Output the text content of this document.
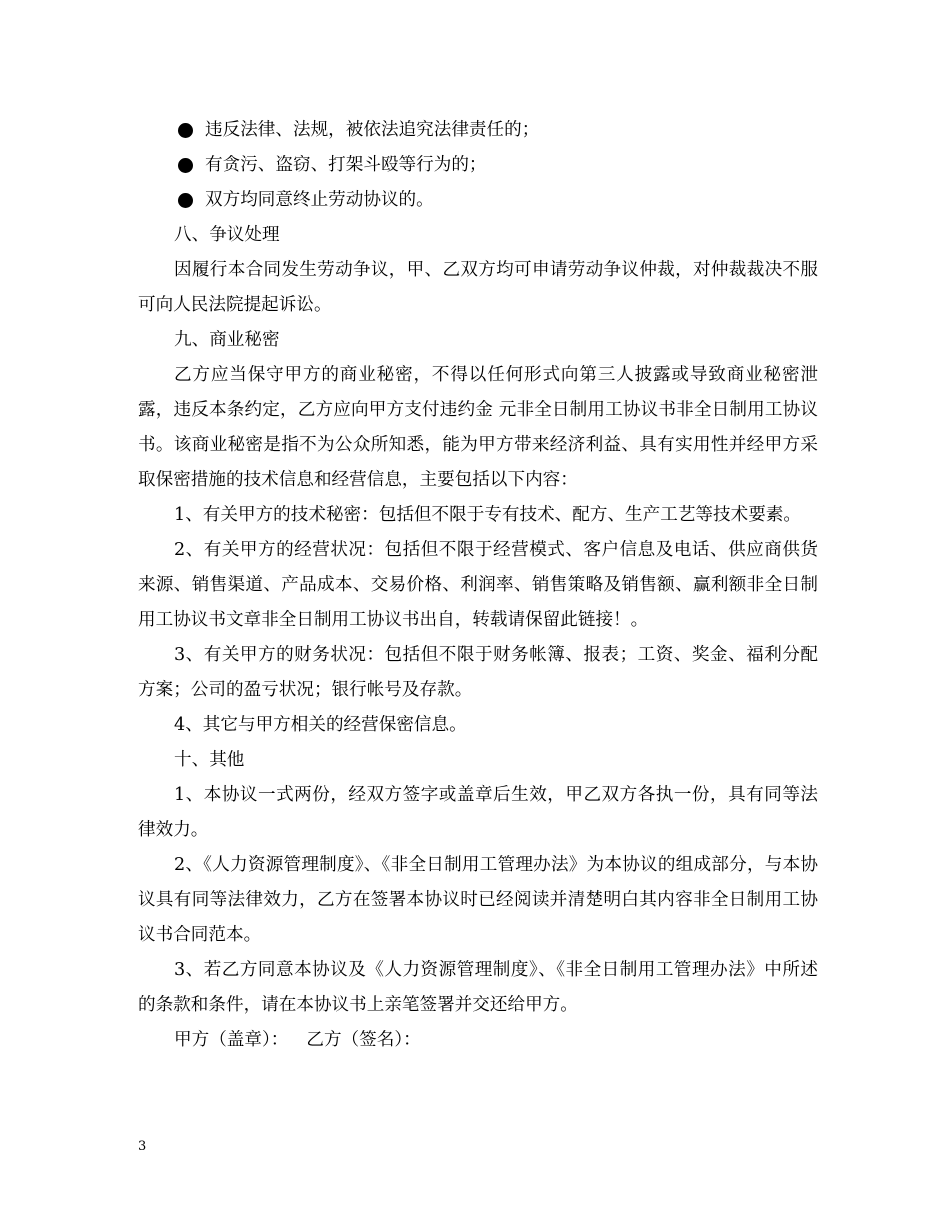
违反法律、法规，被依法追究法律责任的；

有贪污、盗窃、打架斗殴等行为的；

双方均同意终止劳动协议的。

八、争议处理

因履行本合同发生劳动争议，甲、乙双方均可申请劳动争议仲裁，对仲裁裁决不服可向人民法院提起诉讼。

九、商业秘密

乙方应当保守甲方的商业秘密，不得以任何形式向第三人披露或导致商业秘密泄露，违反本条约定，乙方应向甲方支付违约金 元非全日制用工协议书非全日制用工协议书。该商业秘密是指不为公众所知悉，能为甲方带来经济利益、具有实用性并经甲方采取保密措施的技术信息和经营信息，主要包括以下内容：

1、有关甲方的技术秘密：包括但不限于专有技术、配方、生产工艺等技术要素。

2、有关甲方的经营状况：包括但不限于经营模式、客户信息及电话、供应商供货来源、销售渠道、产品成本、交易价格、利润率、销售策略及销售额、赢利额非全日制用工协议书文章非全日制用工协议书出自，转载请保留此链接！。

3、有关甲方的财务状况：包括但不限于财务帐簿、报表；工资、奖金、福利分配方案；公司的盈亏状况；银行帐号及存款。

4、其它与甲方相关的经营保密信息。

十、其他

1、本协议一式两份，经双方签字或盖章后生效，甲乙双方各执一份，具有同等法律效力。

2、《人力资源管理制度》、《非全日制用工管理办法》为本协议的组成部分，与本协议具有同等法律效力，乙方在签署本协议时已经阅读并清楚明白其内容非全日制用工协议书合同范本。

3、若乙方同意本协议及《人力资源管理制度》、《非全日制用工管理办法》中所述的条款和条件，请在本协议书上亲笔签署并交还给甲方。

甲方（盖章）： 乙方（签名）：

3
